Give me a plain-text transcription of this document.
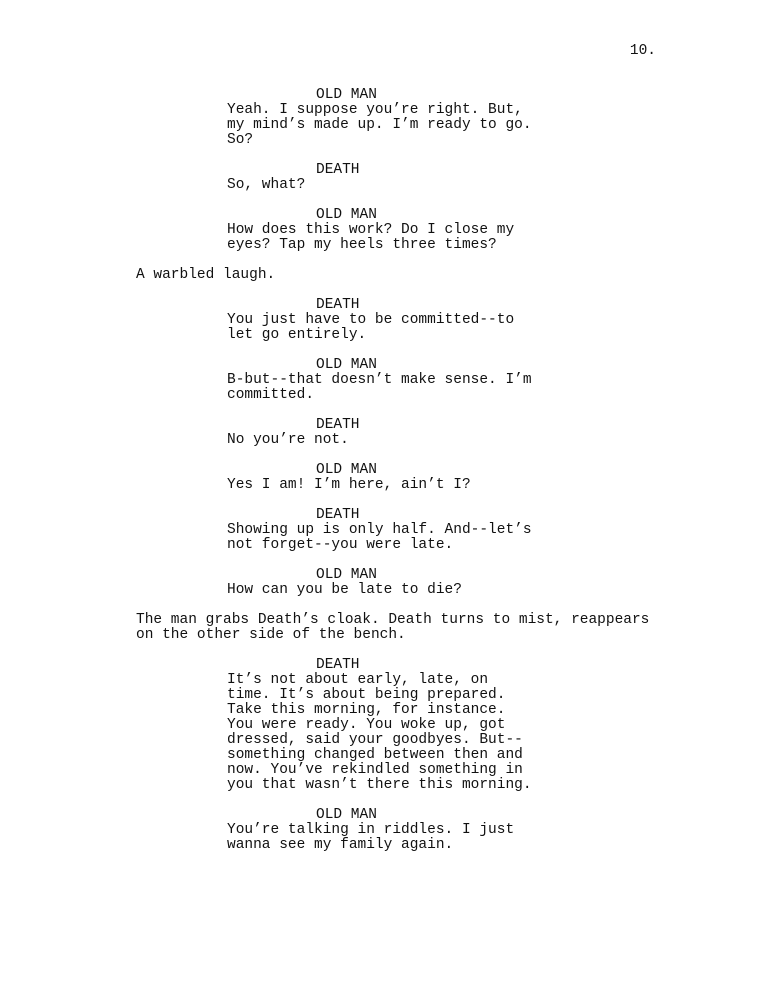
10.
OLD MAN
Yeah. I suppose you’re right. But,
my mind’s made up. I’m ready to go.
So?
DEATH
So, what?
OLD MAN
How does this work? Do I close my
eyes? Tap my heels three times?
A warbled laugh.
DEATH
You just have to be committed--to
let go entirely.
OLD MAN
B-but--that doesn’t make sense. I’m
committed.
DEATH
No you’re not.
OLD MAN
Yes I am! I’m here, ain’t I?
DEATH
Showing up is only half. And--let’s
not forget--you were late.
OLD MAN
How can you be late to die?
The man grabs Death’s cloak. Death turns to mist, reappears
on the other side of the bench.
DEATH
It’s not about early, late, on
time. It’s about being prepared.
Take this morning, for instance.
You were ready. You woke up, got
dressed, said your goodbyes. But--
something changed between then and
now. You’ve rekindled something in
you that wasn’t there this morning.
OLD MAN
You’re talking in riddles. I just
wanna see my family again.
